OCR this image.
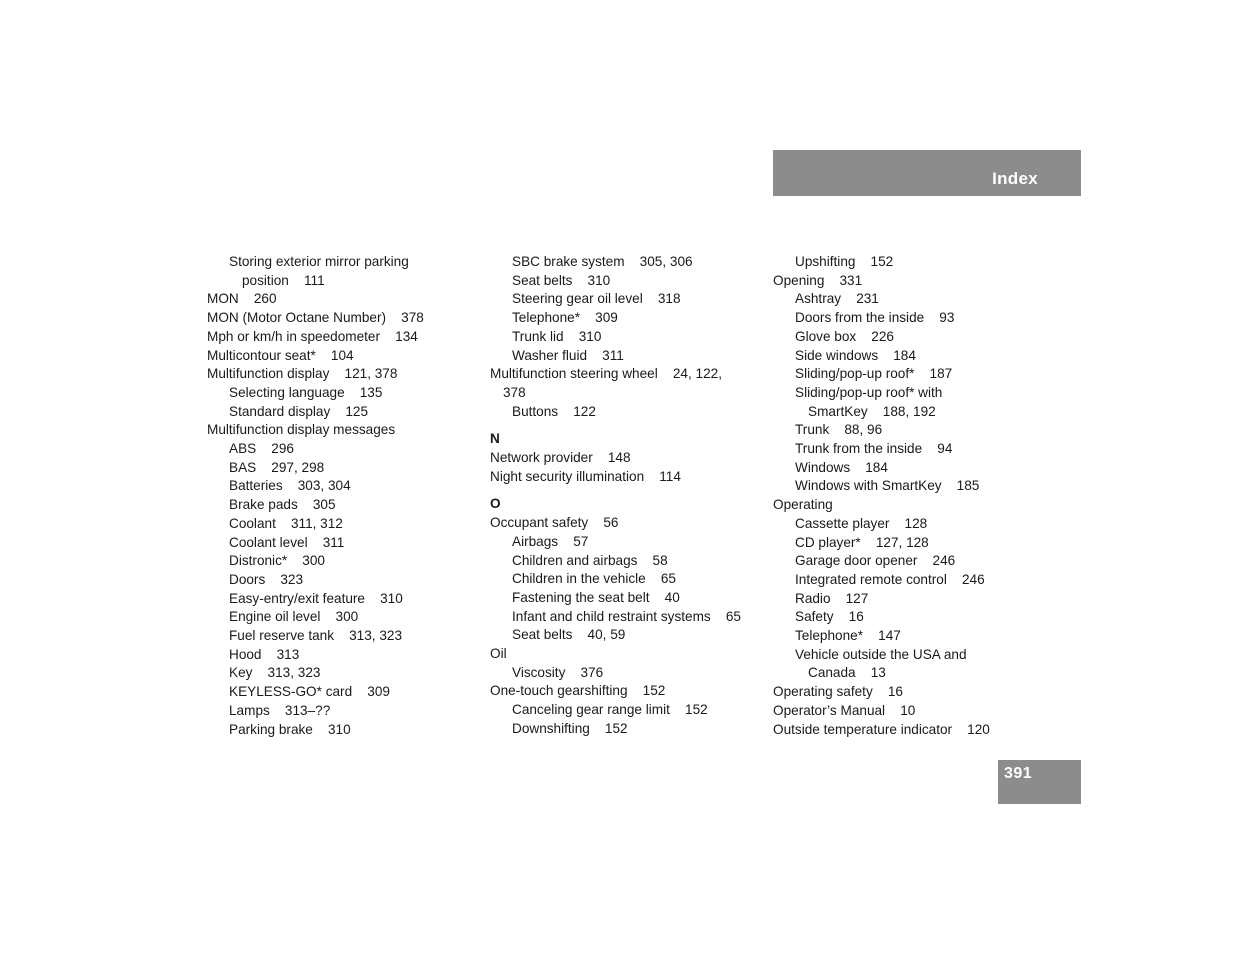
Index
Storing exterior mirror parking
position    111
MON    260
MON (Motor Octane Number)    378
Mph or km/h in speedometer    134
Multicontour seat*    104
Multifunction display    121, 378
Selecting language    135
Standard display    125
Multifunction display messages
ABS    296
BAS    297, 298
Batteries    303, 304
Brake pads    305
Coolant    311, 312
Coolant level    311
Distronic*    300
Doors    323
Easy-entry/exit feature    310
Engine oil level    300
Fuel reserve tank    313, 323
Hood    313
Key    313, 323
KEYLESS-GO* card    309
Lamps    313–??
Parking brake    310
SBC brake system    305, 306
Seat belts    310
Steering gear oil level    318
Telephone*    309
Trunk lid    310
Washer fluid    311
Multifunction steering wheel    24, 122,
378
Buttons    122
N
Network provider    148
Night security illumination    114
O
Occupant safety    56
Airbags    57
Children and airbags    58
Children in the vehicle    65
Fastening the seat belt    40
Infant and child restraint systems    65
Seat belts    40, 59
Oil
Viscosity    376
One-touch gearshifting    152
Canceling gear range limit    152
Downshifting    152
Upshifting    152
Opening    331
Ashtray    231
Doors from the inside    93
Glove box    226
Side windows    184
Sliding/pop-up roof*    187
Sliding/pop-up roof* with
SmartKey    188, 192
Trunk    88, 96
Trunk from the inside    94
Windows    184
Windows with SmartKey    185
Operating
Cassette player    128
CD player*    127, 128
Garage door opener    246
Integrated remote control    246
Radio    127
Safety    16
Telephone*    147
Vehicle outside the USA and
Canada    13
Operating safety    16
Operator’s Manual    10
Outside temperature indicator    120
391
